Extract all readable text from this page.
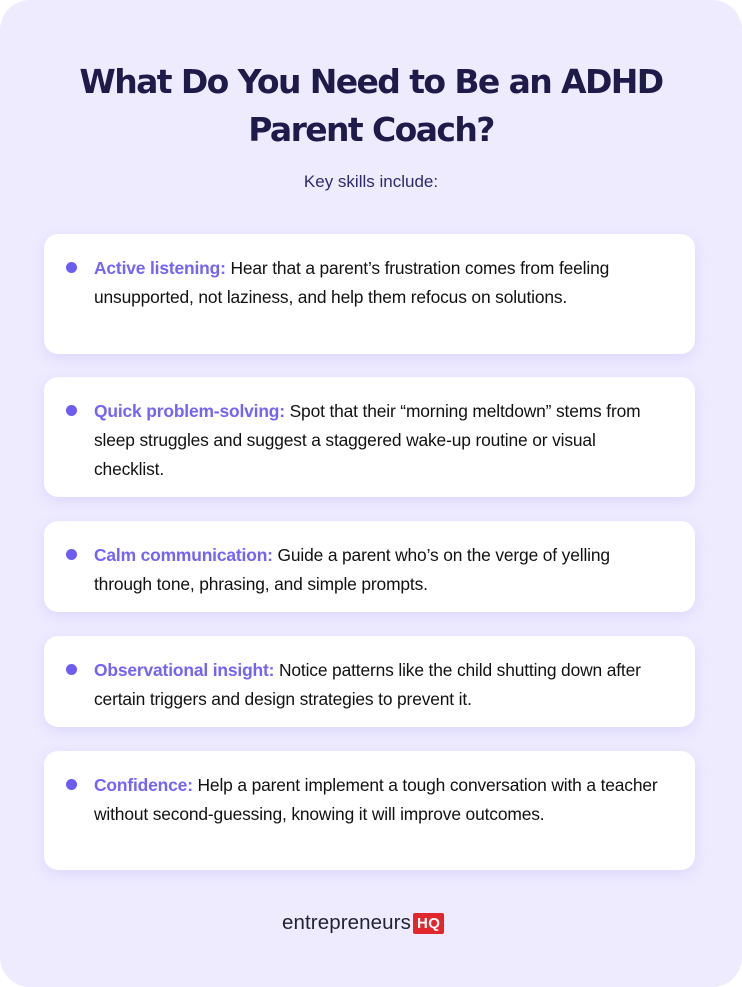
What Do You Need to Be an ADHD
Parent Coach?
Key skills include:
Active listening: Hear that a parent’s frustration comes from feeling unsupported, not laziness, and help them refocus on solutions.
Quick problem-solving: Spot that their “morning meltdown” stems from sleep struggles and suggest a staggered wake-up routine or visual checklist.
Calm communication: Guide a parent who’s on the verge of yelling through tone, phrasing, and simple prompts.
Observational insight: Notice patterns like the child shutting down after certain triggers and design strategies to prevent it.
Confidence: Help a parent implement a tough conversation with a teacher without second-guessing, knowing it will improve outcomes.
entrepreneurs HQ
